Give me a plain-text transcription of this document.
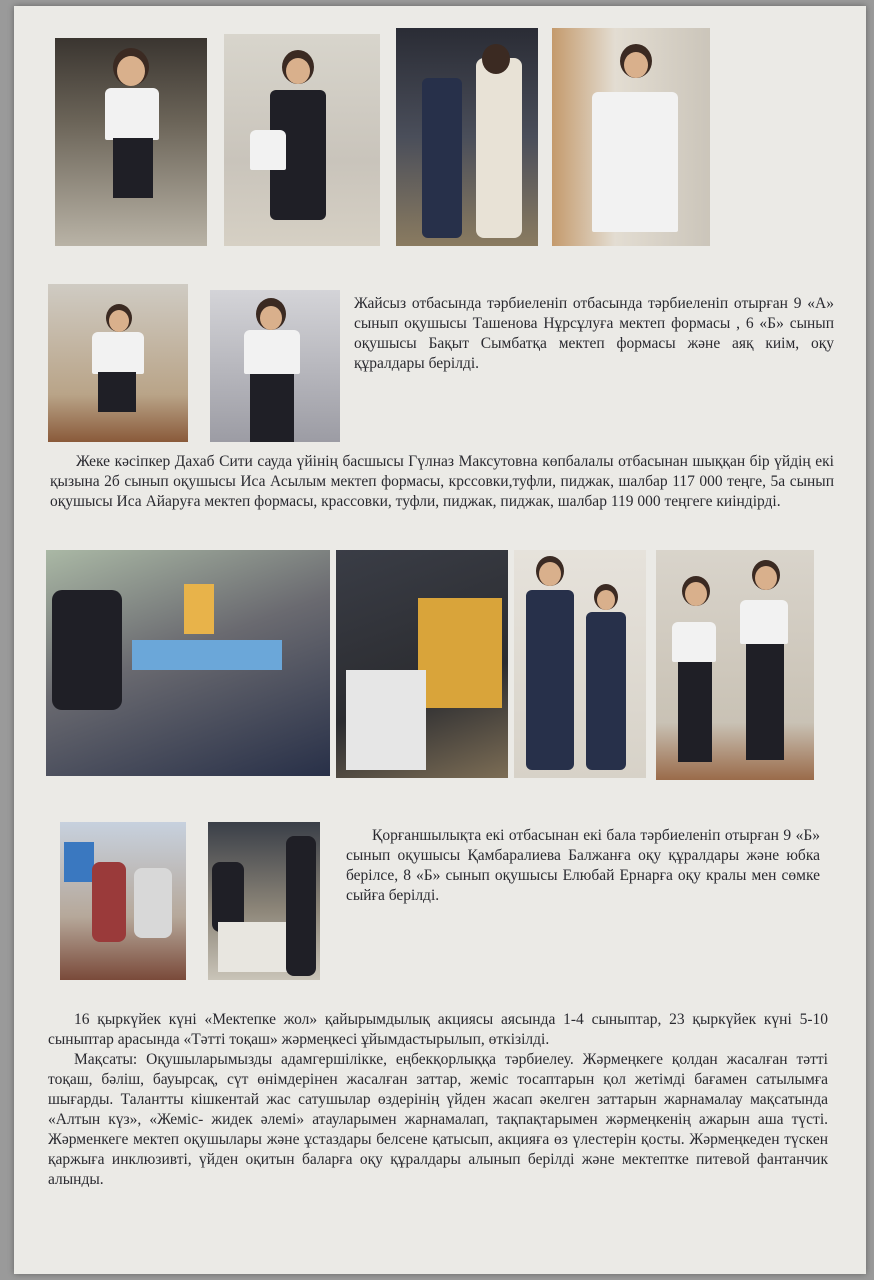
Жайсыз отбасында тәрбиеленіп отбасында тәрбиеленіп отырған 9 «А» сынып оқушысы Ташенова Нұрсұлуға мектеп формасы , 6 «Б» сынып оқушысы Бақыт Сымбатқа мектеп формасы және аяқ киім, оқу құралдары берілді.

Жеке кәсіпкер Дахаб Сити сауда үйінің басшысы Гүлназ Максутовна көпбалалы отбасынан шыққан бір үйдің екі қызына 2б сынып оқушысы Иса Асылым мектеп формасы, крссовки,туфли, пиджак, шалбар 117 000 теңге, 5а сынып оқушысы Иса Айаруға мектеп формасы, крассовки, туфли, пиджак, пиджак, шалбар 119 000 теңгеге киіндірді.

Қорғаншылықта екі отбасынан екі бала тәрбиеленіп отырған 9 «Б» сынып оқушысы Қамбаралиева Балжанға оқу құралдары және юбка берілсе, 8 «Б» сынып оқушысы Елюбай Ернарға оқу кралы мен сөмке сыйға берілді.

16 қыркүйек күні «Мектепке жол» қайырымдылық акциясы аясында 1-4 сыныптар, 23 қыркүйек күні 5-10 сыныптар арасында «Тәтті тоқаш» жәрмеңкесі ұйымдастырылып, өткізілді.

Мақсаты: Оқушыларымызды адамгершілікке, еңбекқорлыққа тәрбиелеу. Жәрмеңкеге қолдан жасалған тәтті тоқаш, бәліш, бауырсақ, сүт өнімдерінен жасалған заттар, жеміс тосаптарын қол жетімді бағамен сатылымға шығарды. Талантты кішкентай жас сатушылар өздерінің үйден жасап әкелген заттарын жарнамалау мақсатында «Алтын күз», «Жеміс- жидек әлемі» атауларымен жарнамалап, тақпақтарымен жәрмеңкенің ажарын аша түсті. Жәрменкеге мектеп оқушылары және ұстаздары белсене қатысып, акцияға өз үлестерін қосты. Жәрмеңкеден түскен қаржыға инклюзивті, үйден оқитын баларға оқу құралдары алынып берілді және мектептке питевой фантанчик алынды.
